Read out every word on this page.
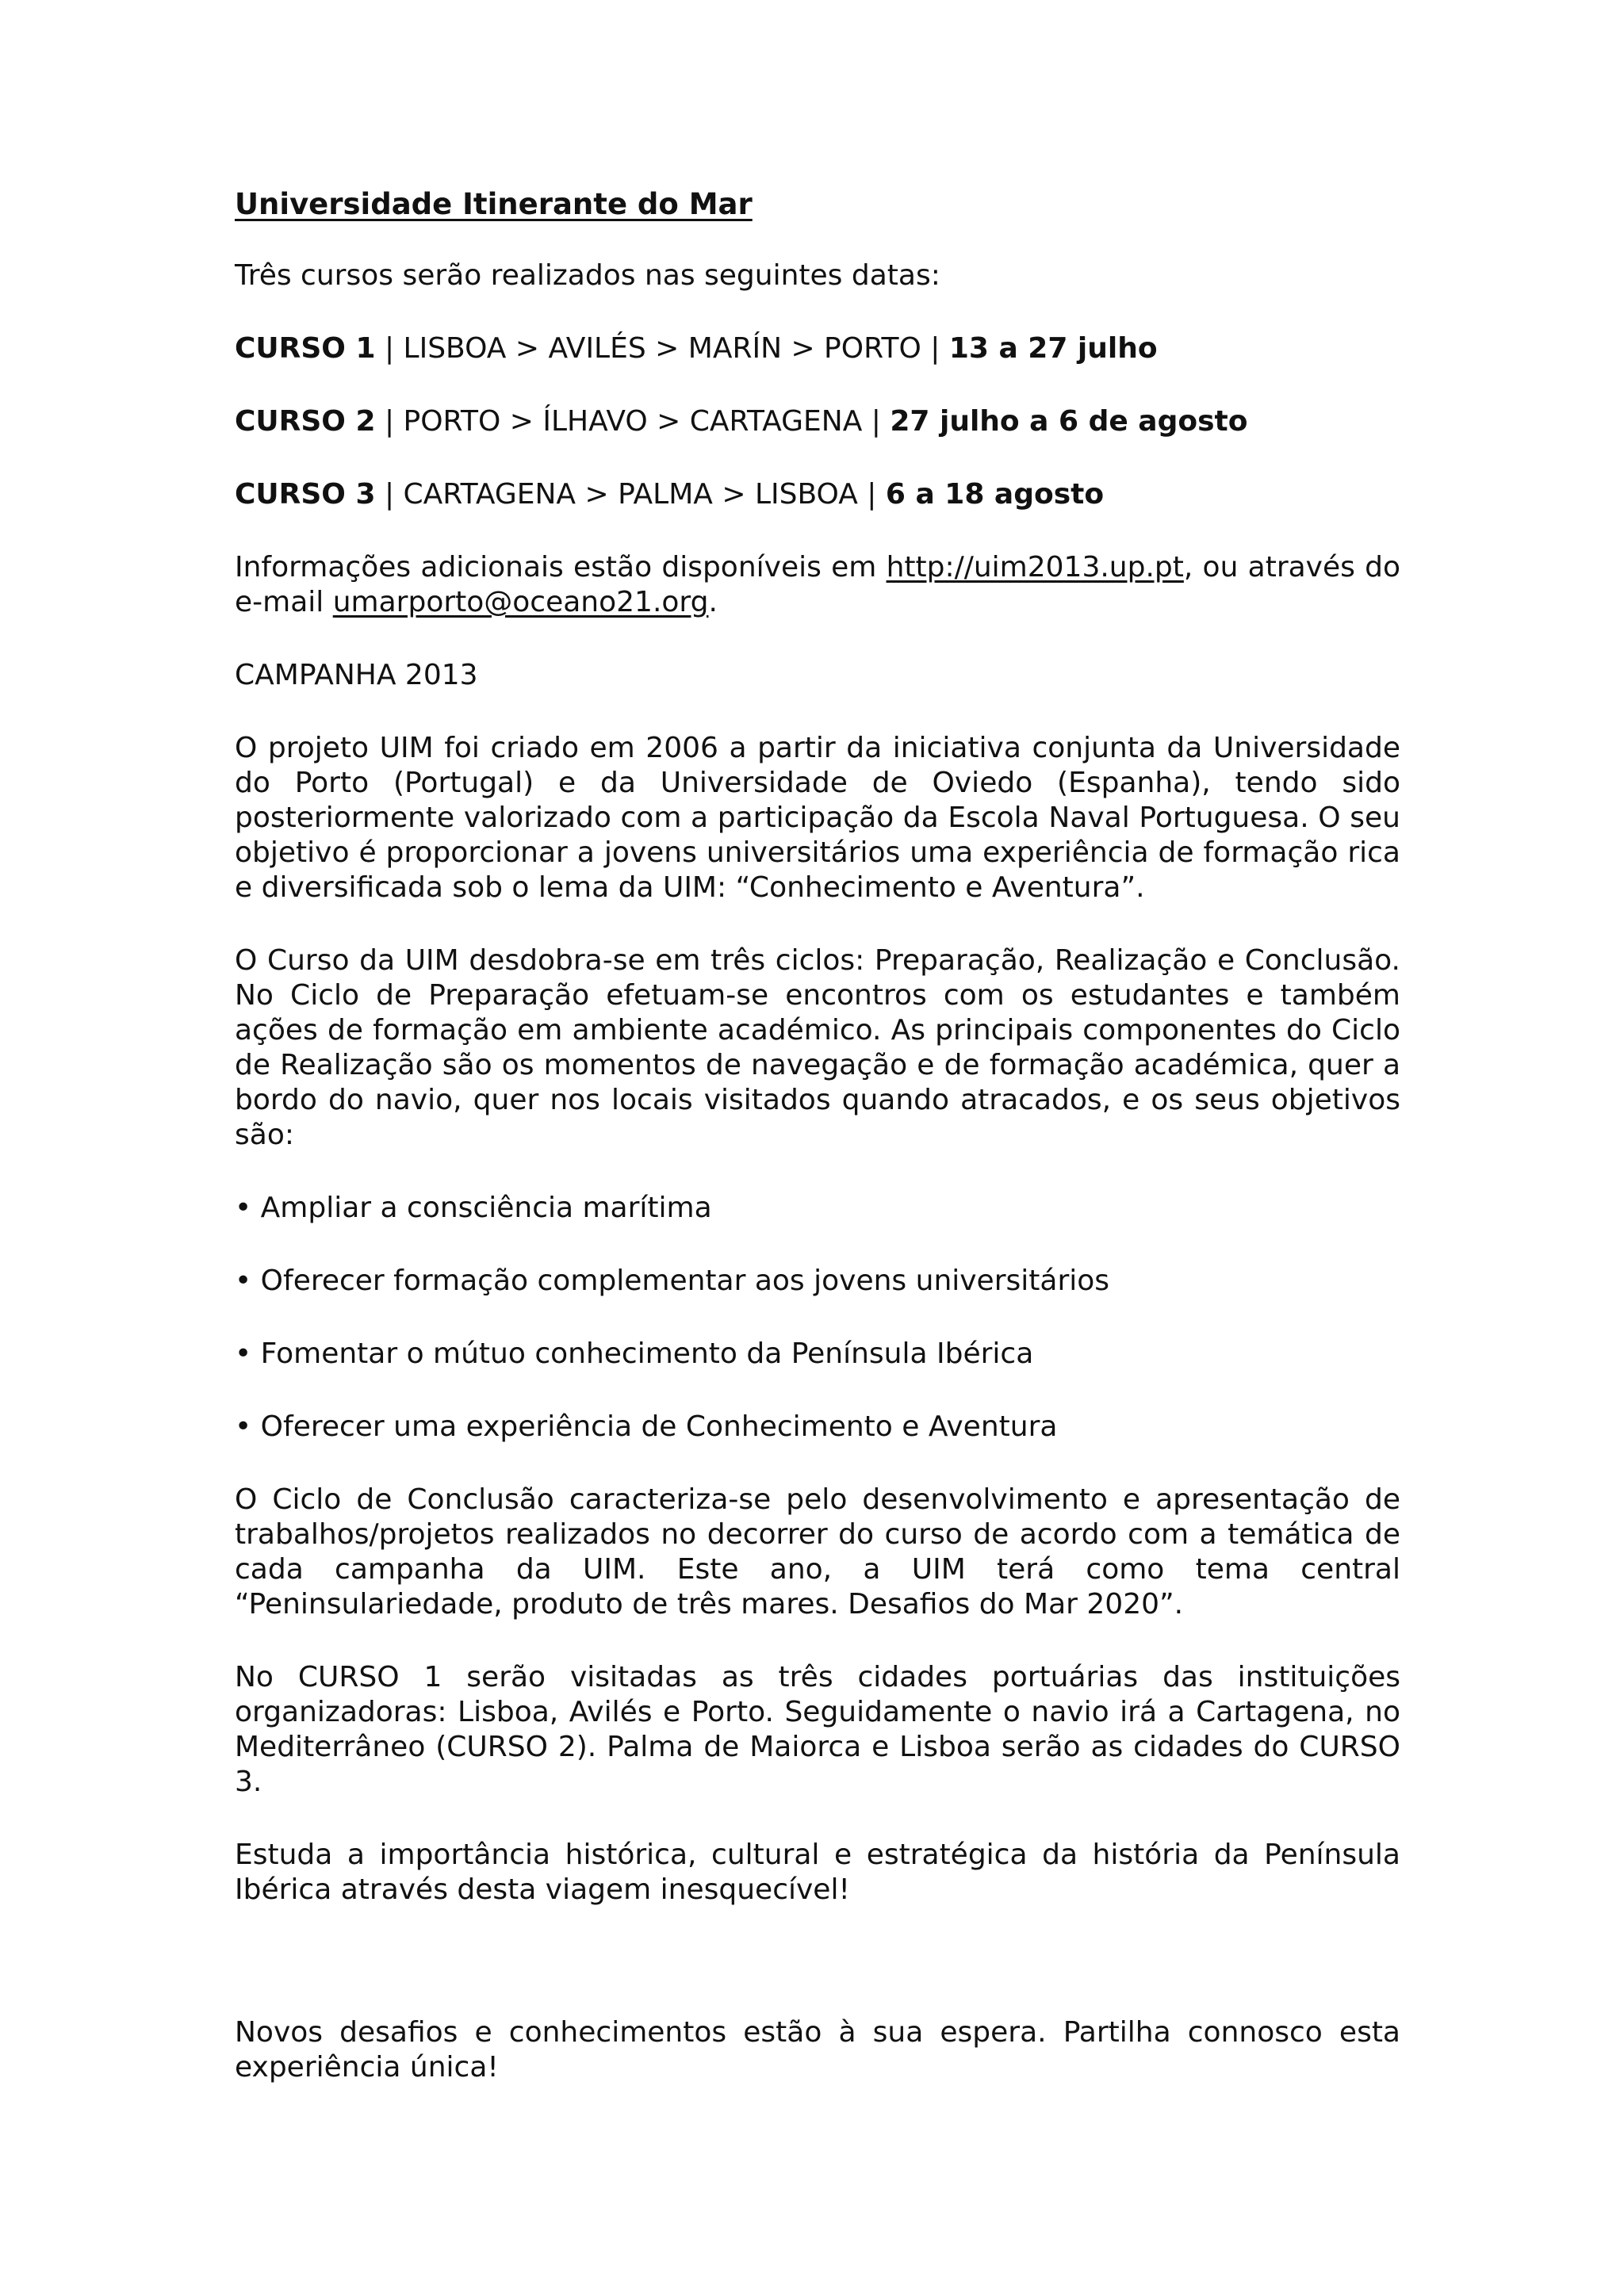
Universidade Itinerante do Mar
Três cursos serão realizados nas seguintes datas:
CURSO 1 | LISBOA > AVILÉS > MARÍN > PORTO | 13 a 27 julho
CURSO 2 | PORTO > ÍLHAVO > CARTAGENA | 27 julho a 6 de agosto
CURSO 3 | CARTAGENA > PALMA > LISBOA | 6 a 18 agosto
Informações adicionais estão disponíveis em http://uim2013.up.pt, ou através do e-mail umarporto@oceano21.org.
CAMPANHA 2013
O projeto UIM foi criado em 2006 a partir da iniciativa conjunta da Universidade do Porto (Portugal) e da Universidade de Oviedo (Espanha), tendo sido posteriormente valorizado com a participação da Escola Naval Portuguesa. O seu objetivo é proporcionar a jovens universitários uma experiência de formação rica e diversificada sob o lema da UIM: “Conhecimento e Aventura”.
O Curso da UIM desdobra-se em três ciclos: Preparação, Realização e Conclusão. No Ciclo de Preparação efetuam-se encontros com os estudantes e também ações de formação em ambiente académico. As principais componentes do Ciclo de Realização são os momentos de navegação e de formação académica, quer a bordo do navio, quer nos locais visitados quando atracados, e os seus objetivos são:
• Ampliar a consciência marítima
• Oferecer formação complementar aos jovens universitários
• Fomentar o mútuo conhecimento da Península Ibérica
• Oferecer uma experiência de Conhecimento e Aventura
O Ciclo de Conclusão caracteriza-se pelo desenvolvimento e apresentação de trabalhos/projetos realizados no decorrer do curso de acordo com a temática de cada campanha da UIM. Este ano, a UIM terá como tema central “Peninsulariedade, produto de três mares. Desafios do Mar 2020”.
No CURSO 1 serão visitadas as três cidades portuárias das instituições organizadoras: Lisboa, Avilés e Porto. Seguidamente o navio irá a Cartagena, no Mediterrâneo (CURSO 2). Palma de Maiorca e Lisboa serão as cidades do CURSO 3.
Estuda a importância histórica, cultural e estratégica da história da Península Ibérica através desta viagem inesquecível!
Novos desafios e conhecimentos estão à sua espera. Partilha connosco esta experiência única!
